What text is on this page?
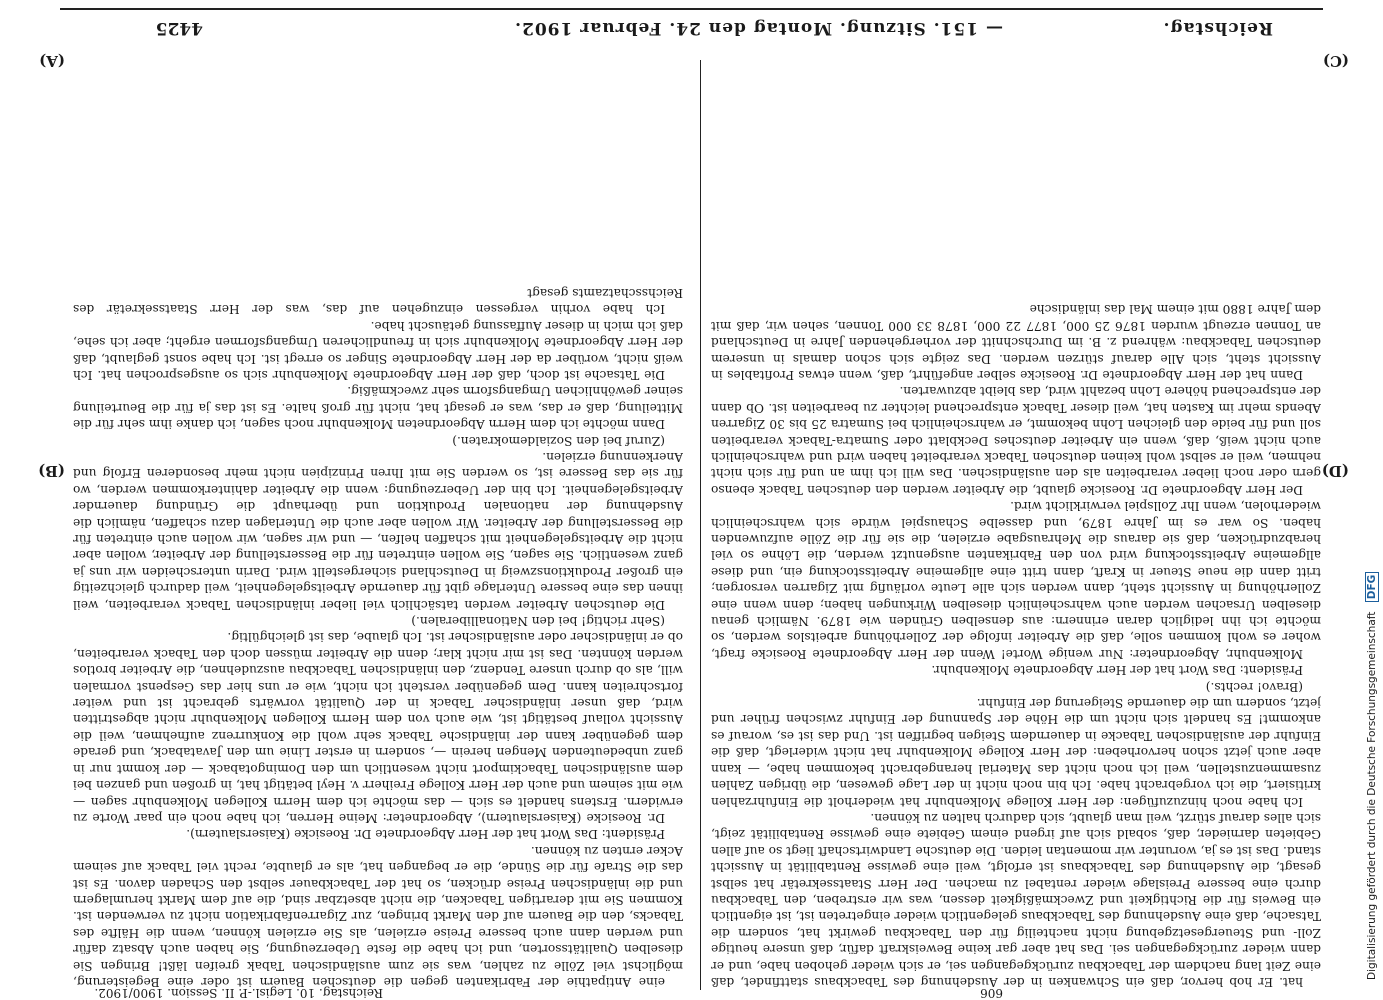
Reichstag.
— 151. Sitzung. Montag den 24. Februar 1902.
4425

eine Antipathie der Fabrikanten gegen die deutschen Bauern ist oder eine Begeisterung, möglichst viel Zölle zu zahlen, was sie zum ausländischen Tabak greifen läßt! Bringen Sie dieselben Qualitätssorten, und ich habe die feste Ueberzeugung, Sie haben auch Absatz dafür und werden dann auch bessere Preise erzielen, als Sie erzielen können, wenn die Hälfte des Tabacks, den die Bauern auf den Markt bringen, zur Zigarrenfabrikation nicht zu verwenden ist. Kommen Sie mit derartigen Tabacken, die nicht absetzbar sind, die auf dem Markt herumlagern und die inländischen Preise drücken, so hat der Tabackbauer selbst den Schaden davon. Es ist das die Strafe für die Sünde, die er begangen hat, als er glaubte, recht viel Taback auf seinem Acker ernten zu können.

Präsident: Das Wort hat der Herr Abgeordnete Dr. Roesicke (Kaiserslautern).

Dr. Roesicke (Kaiserslautern), Abgeordneter: Meine Herren, ich habe noch ein paar Worte zu erwidern. Erstens handelt es sich — das möchte ich dem Herrn Kollegen Molkenbuhr sagen — wie mit seinem und auch der Herr Kollege Freiherr v. Heyl betätigt hat, in großen und ganzen bei dem ausländischen Tabackimport nicht wesentlich um den Domingotaback — der kommt nur in ganz unbedeutenden Mengen herein —, sondern in erster Linie um den Javataback, und gerade dem gegenüber kann der inländische Taback sehr wohl die Konkurrenz aufnehmen, weil die Aussicht vollauf bestätigt ist, wie auch von dem Herrn Kollegen Molkenbuhr nicht abgestritten wird, daß unser inländischer Taback in der Qualität vorwärts gebracht ist und weiter fortschreiten kann. Dem gegenüber versteht ich nicht, wie er uns hier das Gespenst vormalen will, als ob durch unsere Tendenz, den inländischen Tabackbau auszudehnen, die Arbeiter brotlos werden könnten. Das ist mir nicht klar; denn die Arbeiter müssen doch den Taback verarbeiten, ob er inländischer oder ausländischer ist. Ich glaube, das ist gleichgültig.

(Sehr richtig! bei den Nationalliberalen.)

Die deutschen Arbeiter werden tatsächlich viel lieber inländischen Taback verarbeiten, weil ihnen das eine bessere Unterlage gibt für dauernde Arbeitsgelegenheit, weil dadurch gleichzeitig ein großer Produktionszweig in Deutschland sichergestellt wird. Darin unterscheiden wir uns ja ganz wesentlich. Sie sagen, Sie wollen eintreten für die Besserstellung der Arbeiter, wollen aber nicht die Arbeitsgelegenheit mit schaffen helfen, — und wir sagen, wir wollen auch eintreten für die Besserstellung der Arbeiter. Wir wollen aber auch die Unterlagen dazu schaffen, nämlich die Ausdehnung der nationalen Produktion und überhaupt die Gründung dauernder Arbeitsgelegenheit. Ich bin der Ueberzeugung: wenn die Arbeiter dahinterkommen werden, wo für sie das Bessere ist, so werden Sie mit Ihren Prinzipien nicht mehr besonderen Erfolg und Anerkennung erzielen.

(Zuruf bei den Sozialdemokraten.)

Dann möchte ich dem Herrn Abgeordneten Molkenbuhr noch sagen, ich danke ihm sehr für die Mitteilung, daß er das, was er gesagt hat, nicht für groß halte. Es ist das ja für die Beurteilung seiner gewöhnlichen Umgangsform sehr zweckmäßig.

Die Tatsache ist doch, daß der Herr Abgeordnete Molkenbuhr sich so ausgesprochen hat. Ich weiß nicht, worüber da der Herr Abgeordnete Singer so erregt ist. Ich habe sonst geglaubt, daß der Herr Abgeordnete Molkenbuhr sich in freundlicheren Umgangsformen ergeht; aber ich sehe, daß ich mich in dieser Auffassung getäuscht habe.

Ich habe vorhin vergessen einzugehen auf das, was der Herr Staatssekretär des Reichsschatzamts gesagt

hat. Er hob hervor, daß ein Schwanken in der Ausdehnung des Tabackbaus stattfindet, daß eine Zeit lang nachdem der Tabackbau zurückgegangen sei, er sich wieder gehoben habe, und er dann wieder zurückgegangen sei. Das hat aber gar keine Beweiskraft dafür, daß unsere heutige Zoll- und Steuergesetzgebung nicht nachteilig für den Tabackbau gewirkt hat, sondern die Tatsache, daß eine Ausdehnung des Tabackbaus gelegentlich wieder eingetreten ist, ist eigentlich ein Beweis für die Richtigkeit und Zweckmäßigkeit dessen, was wir erstreben, den Tabackbau durch eine bessere Preislage wieder rentabel zu machen. Der Herr Staatssekretär hat selbst gesagt, die Ausdehnung des Tabackbaus ist erfolgt, weil eine gewisse Rentabilität in Aussicht stand. Das ist es ja, worunter wir momentan leiden. Die deutsche Landwirtschaft liegt so auf allen Gebieten darnieder, daß, sobald sich auf irgend einem Gebiete eine gewisse Rentabilität zeigt, sich alles darauf stürzt, weil man glaubt, sich dadurch halten zu können.

Ich habe noch hinzuzufügen: der Herr Kollege Molkenbuhr hat wiederholt die Einfuhrzahlen kritisiert, die ich vorgebracht habe. Ich bin noch nicht in der Lage gewesen, die übrigen Zahlen zusammenzustellen, weil ich noch nicht das Material herangebracht bekommen habe, — kann aber auch jetzt schon hervorheben: der Herr Kollege Molkenbuhr hat nicht widerlegt, daß die Einfuhr der ausländischen Tabacke in dauerndem Steigen begriffen ist. Und das ist es, worauf es ankommt! Es handelt sich nicht um die Höhe der Spannung der Einfuhr zwischen früher und jetzt, sondern um die dauernde Steigerung der Einfuhr.

(Bravo! rechts.)

Präsident: Das Wort hat der Herr Abgeordnete Molkenbuhr.

Molkenbuhr, Abgeordneter: Nur wenige Worte! Wenn der Herr Abgeordnete Roesicke fragt, woher es wohl kommen solle, daß die Arbeiter infolge der Zollerhöhung arbeitslos werden, so möchte ich ihn lediglich daran erinnern: aus denselben Gründen wie 1879. Nämlich genau dieselben Ursachen werden auch wahrscheinlich dieselben Wirkungen haben; denn wenn eine Zollerhöhung in Aussicht steht, dann werden sich alle Leute vorläufig mit Zigarren versorgen; tritt dann die neue Steuer in Kraft, dann tritt eine allgemeine Arbeitsstockung ein, und diese allgemeine Arbeitsstockung wird von den Fabrikanten ausgenutzt werden, die Löhne so viel herabzudrücken, daß sie daraus die Mehrausgabe erzielen, die sie für die Zölle aufzuwenden haben. So war es im Jahre 1879, und dasselbe Schauspiel würde sich wahrscheinlich wiederholen, wenn Ihr Zollspiel verwirklicht wird.

Der Herr Abgeordnete Dr. Roesicke glaubt, die Arbeiter werden den deutschen Taback ebenso gern oder noch lieber verarbeiten als den ausländischen. Das will ich ihm an und für sich nicht nehmen, weil er selbst wohl keinen deutschen Taback verarbeitet haben wird und wahrscheinlich auch nicht weiß, daß, wenn ein Arbeiter deutsches Deckblatt oder Sumatra-Taback verarbeiten soll und für beide den gleichen Lohn bekommt, er wahrscheinlich bei Sumatra 25 bis 30 Zigarren Abends mehr im Kasten hat, weil dieser Taback entsprechend leichter zu bearbeiten ist. Ob dann der entsprechend höhere Lohn bezahlt wird, das bleibt abzuwarten.

Dann hat der Herr Abgeordnete Dr. Roesicke selber angeführt, daß, wenn etwas Profitables in Aussicht steht, sich Alle darauf stürzen werden. Das zeigte sich schon damals in unserem deutschen Tabackbau: während z. B. im Durchschnitt der vorhergehenden Jahre in Deutschland an Tonnen erzeugt wurden 1876 25 000, 1877 22 000, 1878 33 000 Tonnen, sehen wir, daß mit dem Jahre 1880 mit einem Mal das inländische

(A)
(B)
(C)
(D)
Reichstag. 10. Legisl.-P. II. Session. 1900/1902.	606
Digitalisierung gefördert durch die Deutsche Forschungsgemeinschaft DFG
